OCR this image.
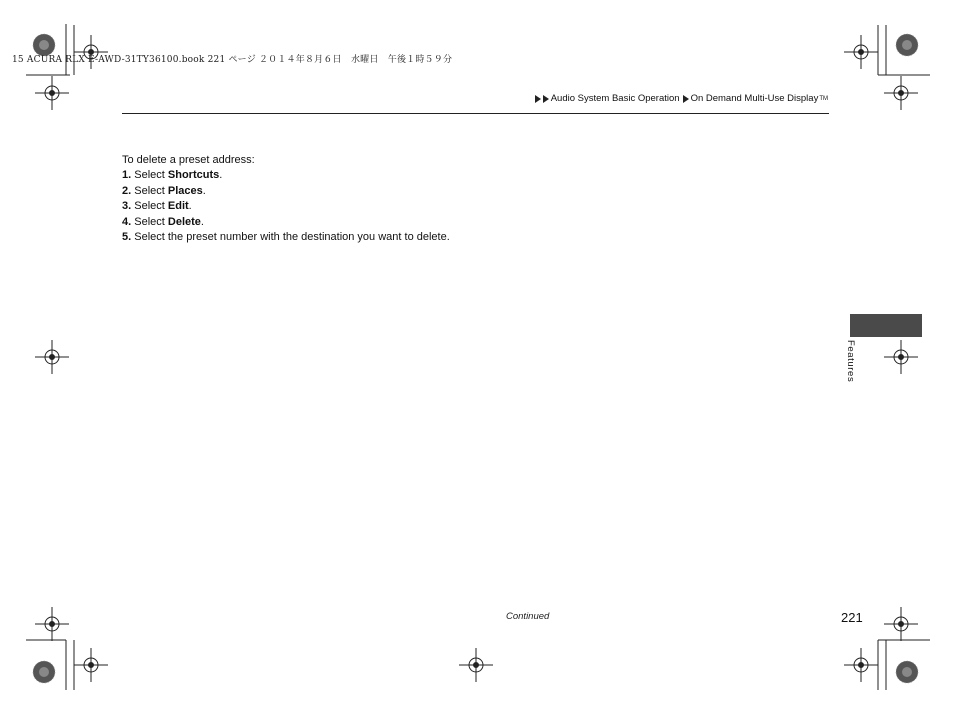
15 ACURA RLX E-AWD-31TY36100.book 221 ページ ２０１４年８月６日　水曜日　午後１時５９分
Audio System Basic Operation On Demand Multi-Use Display TM

To delete a preset address:

1. Select Shortcuts.

2. Select Places.

3. Select Edit.

4. Select Delete.

5. Select the preset number with the destination you want to delete.

Features
Continued	221
